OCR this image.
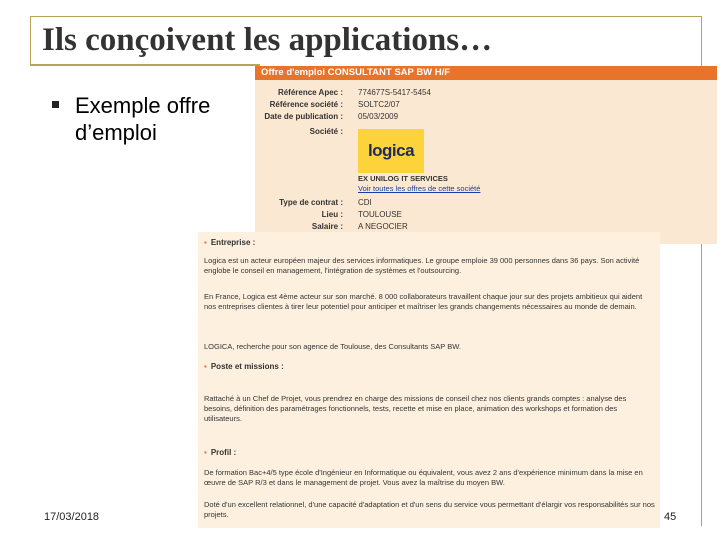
Ils conçoivent les applications…

Exemple offre d’emploi

Offre d'emploi CONSULTANT SAP BW H/F
Référence Apec : 774677S-5417-5454
Référence société : SOLTC2/07
Date de publication : 05/03/2009
Société :
logica
EX UNILOG IT SERVICES
Voir toutes les offres de cette société
Type de contrat : CDI
Lieu : TOULOUSE
Salaire : A NEGOCIER
▪ Entreprise :

Logica est un acteur européen majeur des services informatiques. Le groupe emploie 39 000 personnes dans 36 pays. Son activité englobe le conseil en management, l'intégration de systèmes et l'outsourcing.

En France, Logica est 4ème acteur sur son marché. 8 000 collaborateurs travaillent chaque jour sur des projets ambitieux qui aident nos entreprises clientes à tirer leur potentiel pour anticiper et maîtriser les grands changements nécessaires au monde de demain.

LOGICA, recherche pour son agence de Toulouse, des Consultants SAP BW.

▪ Poste et missions :

Rattaché à un Chef de Projet, vous prendrez en charge des missions de conseil chez nos clients grands comptes : analyse des besoins, définition des paramétrages fonctionnels, tests, recette et mise en place, animation des workshops et formation des utilisateurs.

▪ Profil :

De formation Bac+4/5 type école d'Ingénieur en Informatique ou équivalent, vous avez 2 ans d'expérience minimum dans la mise en œuvre de SAP R/3 et dans le management de projet. Vous avez la maîtrise du moyen BW.

Doté d'un excellent relationnel, d'une capacité d'adaptation et d'un sens du service vous permettant d'élargir vos responsabilités sur nos projets.

17/03/2018	45
